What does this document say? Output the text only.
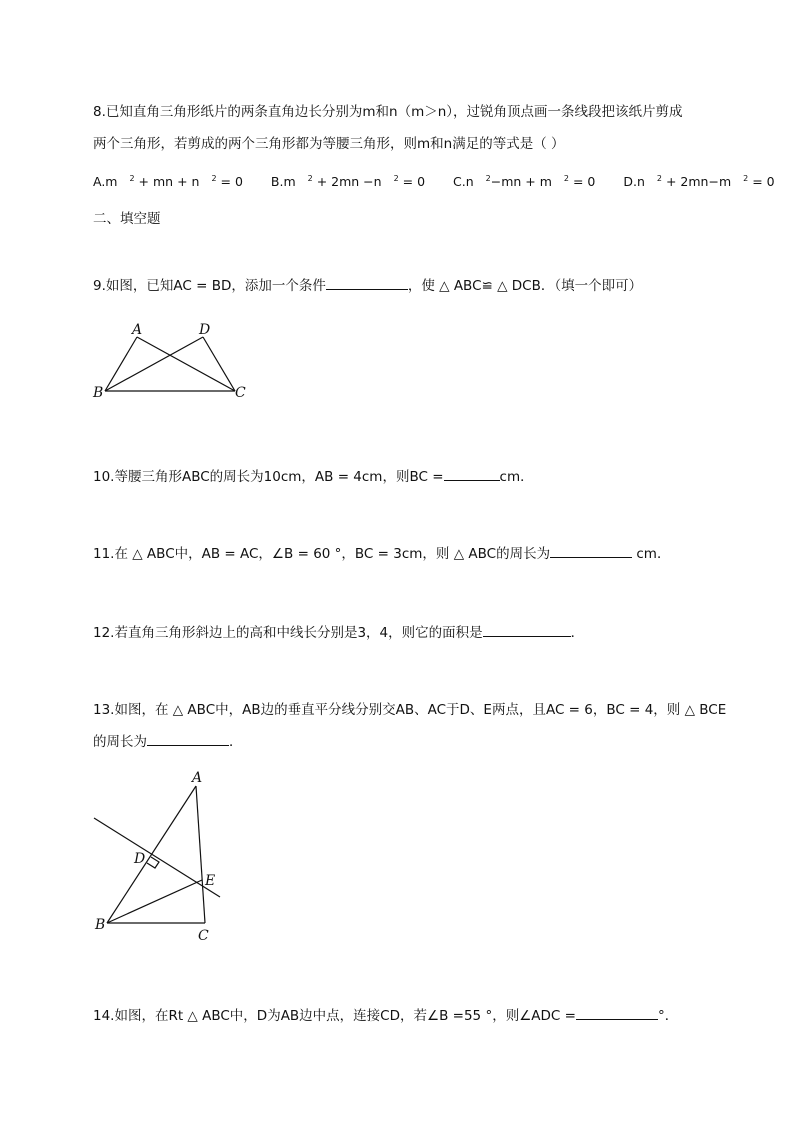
8.已知直角三角形纸片的两条直角边长分别为m和n（m＞n），过锐角顶点画一条线段把该纸片剪成
两个三角形，若剪成的两个三角形都为等腰三角形，则m和n满足的等式是（ ）
A.m $^2$ + mn + n $^2$ = 0 B.m $^2$ + 2mn −n $^2$ = 0 C.n $^2$−mn + m $^2$ = 0 D.n $^2$ + 2mn−m $^2$ = 0
二、填空题
9.如图，已知AC = BD，添加一个条件	，使 △ ABC≌ △ DCB．（填一个即可）
A	D
B	C
10.等腰三角形ABC的周长为10cm，AB = 4cm，则BC =	cm．
11.在 △ ABC中，AB = AC，∠B = 60 °，BC = 3cm，则 △ ABC的周长为	cm．
12.若直角三角形斜边上的高和中线长分别是3，4，则它的面积是	．
13.如图，在 △ ABC中，AB边的垂直平分线分别交AB、AC于D、E两点，且AC = 6，BC = 4，则 △ BCE
的周长为	．
A
D
E
B
C
14.如图，在Rt △ ABC中，D为AB边中点，连接CD，若∠B =55 °，则∠ADC =	°．
